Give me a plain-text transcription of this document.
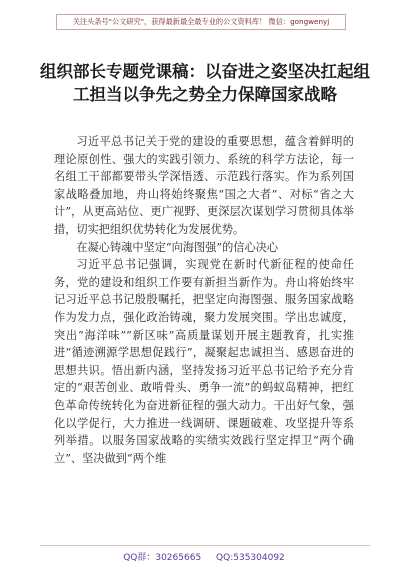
关注头条号"公文研究"，获得最新最全最专业的公文资料库！ 微信：gongwenyj
组织部长专题党课稿：以奋进之姿坚决扛起组工担当以争先之势全力保障国家战略

习近平总书记关于党的建设的重要思想，蕴含着鲜明的理论原创性、强大的实践引领力、系统的科学方法论，每一名组工干部都要带头学深悟透、示范践行落实。作为系列国家战略叠加地，舟山将始终聚焦“国之大者”、对标“省之大计”，从更高站位、更广视野、更深层次谋划学习贯彻具体举措，切实把组织优势转化为发展优势。

在凝心铸魂中坚定“向海图强”的信心决心

习近平总书记强调，实现党在新时代新征程的使命任务，党的建设和组织工作要有新担当新作为。舟山将始终牢记习近平总书记殷殷嘱托，把坚定向海图强、服务国家战略作为发力点，强化政治铸魂，聚力发展突围。学出忠诚度，突出“海洋味”“新区味”高质量谋划开展主题教育，扎实推进“循迹溯源学思想促践行”，凝聚起忠诚担当、感恩奋进的思想共识。悟出新内涵，坚持发扬习近平总书记给予充分肯定的“艰苦创业、敢啃骨头、勇争一流”的蚂蚁岛精神，把红色革命传统转化为奋进新征程的强大动力。干出好气象，强化以学促行，大力推进一线调研、课题破难、攻坚提升等系列举措。以服务国家战略的实绩实效践行坚定捍卫“两个确立”、坚决做到“两个维

QQ群：30265665 QQ:535304092
